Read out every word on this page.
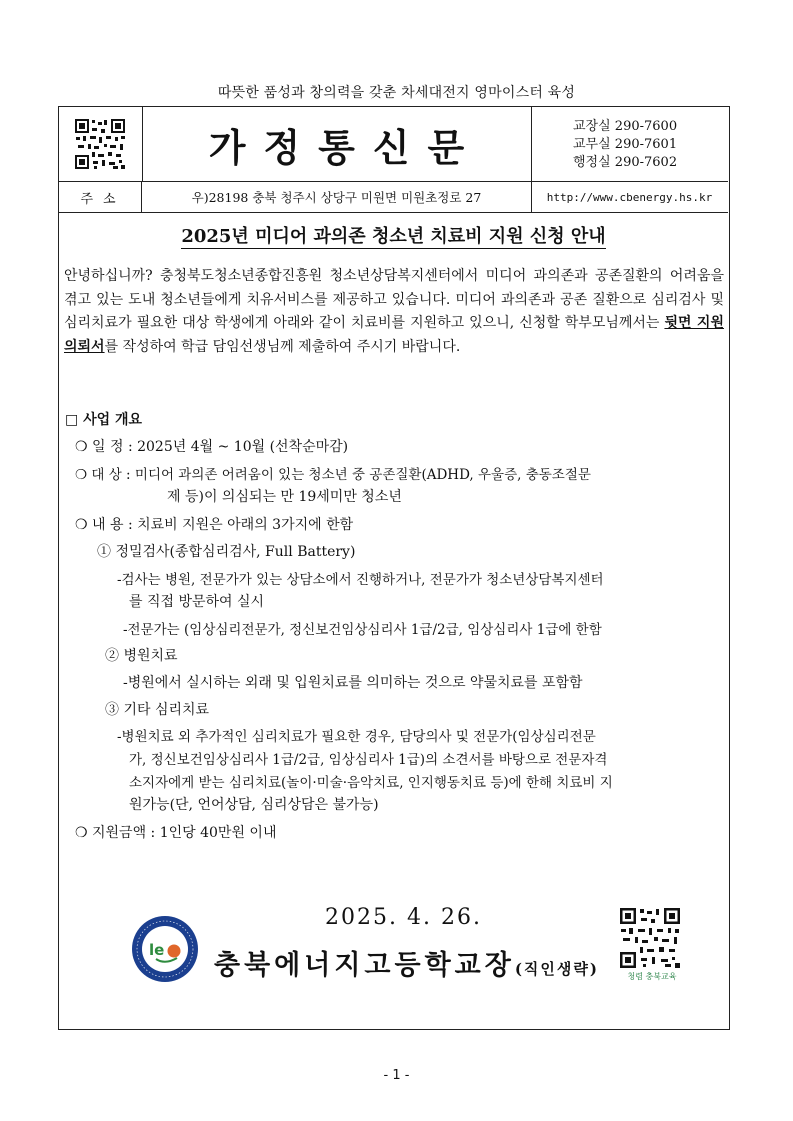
따뜻한 품성과 창의력을 갖춘 차세대전지 영마이스터 육성
가정통신문	교장실 290-7600
교무실 290-7601
행정실 290-7602
주소	우)28198 충북 청주시 상당구 미원면 미원초정로 27	http://www.cbenergy.hs.kr
2025년 미디어 과의존 청소년 치료비 지원 신청 안내
안녕하십니까? 충청북도청소년종합진흥원 청소년상담복지센터에서 미디어 과의존과 공존질환의 어려움을 겪고 있는 도내 청소년들에게 치유서비스를 제공하고 있습니다. 미디어 과의존과 공존 질환으로 심리검사 및 심리치료가 필요한 대상 학생에게 아래와 같이 치료비를 지원하고 있으니, 신청할 학부모님께서는 뒷면 지원 의뢰서를 작성하여 학급 담임선생님께 제출하여 주시기 바랍니다.
□ 사업 개요
❍ 일 정 : 2025년 4월 ~ 10월 (선착순마감)
❍ 대 상 : 미디어 과의존 어려움이 있는 청소년 중 공존질환(ADHD, 우울증, 충동조절문
제 등)이 의심되는 만 19세미만 청소년
❍ 내 용 : 치료비 지원은 아래의 3가지에 한함
① 정밀검사(종합심리검사, Full Battery)
-검사는 병원, 전문가가 있는 상담소에서 진행하거나, 전문가가 청소년상담복지센터
를 직접 방문하여 실시
-전문가는 (임상심리전문가, 정신보건임상심리사 1급/2급, 임상심리사 1급에 한함
② 병원치료
-병원에서 실시하는 외래 및 입원치료를 의미하는 것으로 약물치료를 포함함
③ 기타 심리치료
-병원치료 외 추가적인 심리치료가 필요한 경우, 담당의사 및 전문가(임상심리전문
가, 정신보건임상심리사 1급/2급, 임상심리사 1급)의 소견서를 바탕으로 전문자격
소지자에게 받는 심리치료(놀이·미술·음악치료, 인지행동치료 등)에 한해 치료비 지
원가능(단, 언어상담, 심리상담은 불가능)
❍ 지원금액 : 1인당 40만원 이내
le
2025. 4. 26.
충북에너지고등학교장(직인생략)	청렴 충북교육
- 1 -
